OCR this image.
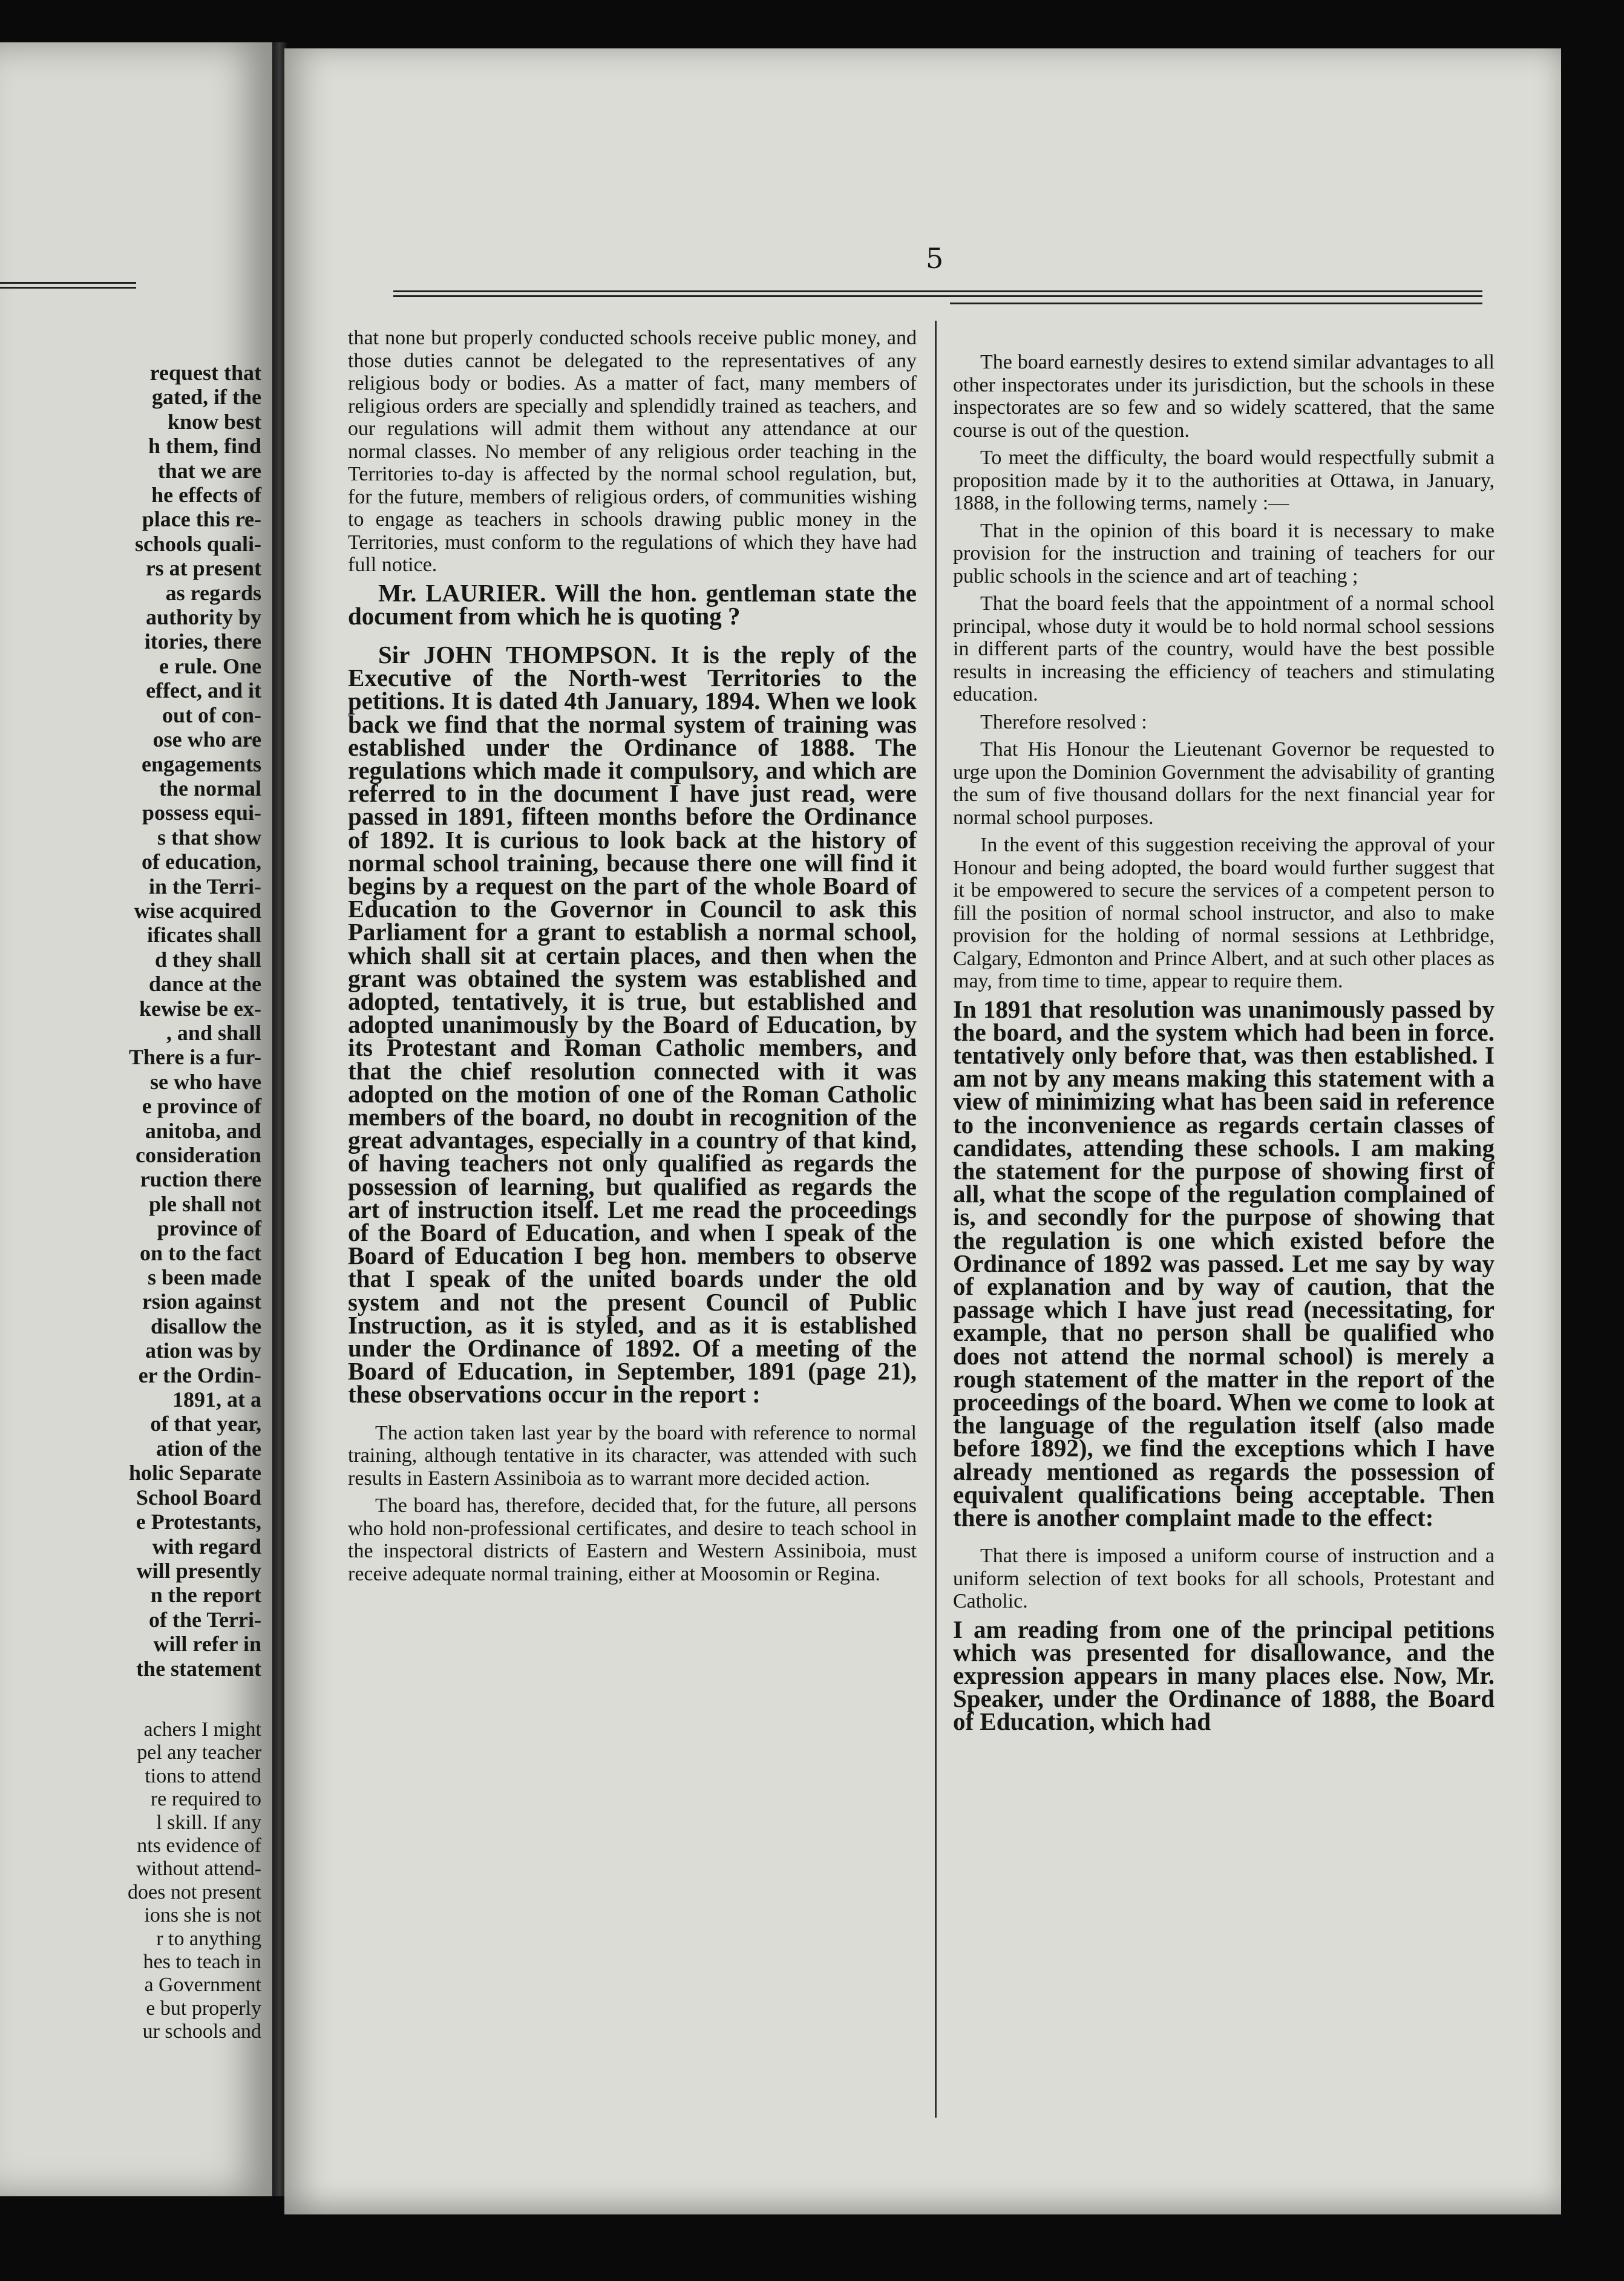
request that
gated, if the
know best
h them, find
that we are
he effects of
place this re-
schools quali-
rs at present
as regards
authority by
itories, there
e rule. One
effect, and it
out of con-
ose who are
engagements
the normal
possess equi-
s that show
of education,
in the Terri-
wise acquired
ificates shall
d they shall
dance at the
kewise be ex-
, and shall
There is a fur-
se who have
e province of
anitoba, and
consideration
ruction there
ple shall not
province of
on to the fact
s been made
rsion against
disallow the
ation was by
er the Ordin-
1891, at a
of that year,
ation of the
holic Separate
School Board
e Protestants,
with regard
will presently
n the report
of the Terri-
will refer in
the statement
achers I might
pel any teacher
tions to attend
re required to
l skill. If any
nts evidence of
without attend-
does not present
ions she is not
r to anything
hes to teach in
a Government
e but properly
ur schools and
5

that none but properly conducted schools receive public money, and those duties cannot be delegated to the representatives of any religious body or bodies. As a matter of fact, many members of religious orders are specially and splendidly trained as teachers, and our regulations will admit them without any attendance at our normal classes. No member of any religious order teaching in the Territories to-day is affected by the normal school regulation, but, for the future, members of religious orders, of communities wishing to engage as teachers in schools drawing public money in the Territories, must conform to the regulations of which they have had full notice.

Mr. LAURIER. Will the hon. gentleman state the document from which he is quoting ?

Sir JOHN THOMPSON. It is the reply of the Executive of the North-west Territories to the petitions. It is dated 4th January, 1894. When we look back we find that the normal system of training was established under the Ordinance of 1888. The regulations which made it compulsory, and which are referred to in the document I have just read, were passed in 1891, fifteen months before the Ordinance of 1892. It is curious to look back at the history of normal school training, because there one will find it begins by a request on the part of the whole Board of Education to the Governor in Council to ask this Parliament for a grant to establish a normal school, which shall sit at certain places, and then when the grant was obtained the system was established and adopted, tentatively, it is true, but established and adopted unanimously by the Board of Education, by its Protestant and Roman Catholic members, and that the chief resolution connected with it was adopted on the motion of one of the Roman Catholic members of the board, no doubt in recognition of the great advantages, especially in a country of that kind, of having teachers not only qualified as regards the possession of learning, but qualified as regards the art of instruction itself. Let me read the proceedings of the Board of Education, and when I speak of the Board of Education I beg hon. members to observe that I speak of the united boards under the old system and not the present Council of Public Instruction, as it is styled, and as it is established under the Ordinance of 1892. Of a meeting of the Board of Education, in September, 1891 (page 21), these observations occur in the report :

The action taken last year by the board with reference to normal training, although tentative in its character, was attended with such results in Eastern Assiniboia as to warrant more decided action.

The board has, therefore, decided that, for the future, all persons who hold non-professional certificates, and desire to teach school in the inspectoral districts of Eastern and Western Assiniboia, must receive adequate normal training, either at Moosomin or Regina.

The board earnestly desires to extend similar advantages to all other inspectorates under its jurisdiction, but the schools in these inspectorates are so few and so widely scattered, that the same course is out of the question.

To meet the difficulty, the board would respectfully submit a proposition made by it to the authorities at Ottawa, in January, 1888, in the following terms, namely :—

That in the opinion of this board it is necessary to make provision for the instruction and training of teachers for our public schools in the science and art of teaching ;

That the board feels that the appointment of a normal school principal, whose duty it would be to hold normal school sessions in different parts of the country, would have the best possible results in increasing the efficiency of teachers and stimulating education.

Therefore resolved :

That His Honour the Lieutenant Governor be requested to urge upon the Dominion Government the advisability of granting the sum of five thousand dollars for the next financial year for normal school purposes.

In the event of this suggestion receiving the approval of your Honour and being adopted, the board would further suggest that it be empowered to secure the services of a competent person to fill the position of normal school instructor, and also to make provision for the holding of normal sessions at Lethbridge, Calgary, Edmonton and Prince Albert, and at such other places as may, from time to time, appear to require them.

In 1891 that resolution was unanimously passed by the board, and the system which had been in force. tentatively only before that, was then established. I am not by any means making this statement with a view of minimizing what has been said in reference to the inconvenience as regards certain classes of candidates, attending these schools. I am making the statement for the purpose of showing first of all, what the scope of the regulation complained of is, and secondly for the purpose of showing that the regulation is one which existed before the Ordinance of 1892 was passed. Let me say by way of explanation and by way of caution, that the passage which I have just read (necessitating, for example, that no person shall be qualified who does not attend the normal school) is merely a rough statement of the matter in the report of the proceedings of the board. When we come to look at the language of the regulation itself (also made before 1892), we find the exceptions which I have already mentioned as regards the possession of equivalent qualifications being acceptable. Then there is another complaint made to the effect:

That there is imposed a uniform course of instruction and a uniform selection of text books for all schools, Protestant and Catholic.

I am reading from one of the principal petitions which was presented for disallowance, and the expression appears in many places else. Now, Mr. Speaker, under the Ordinance of 1888, the Board of Education, which had
